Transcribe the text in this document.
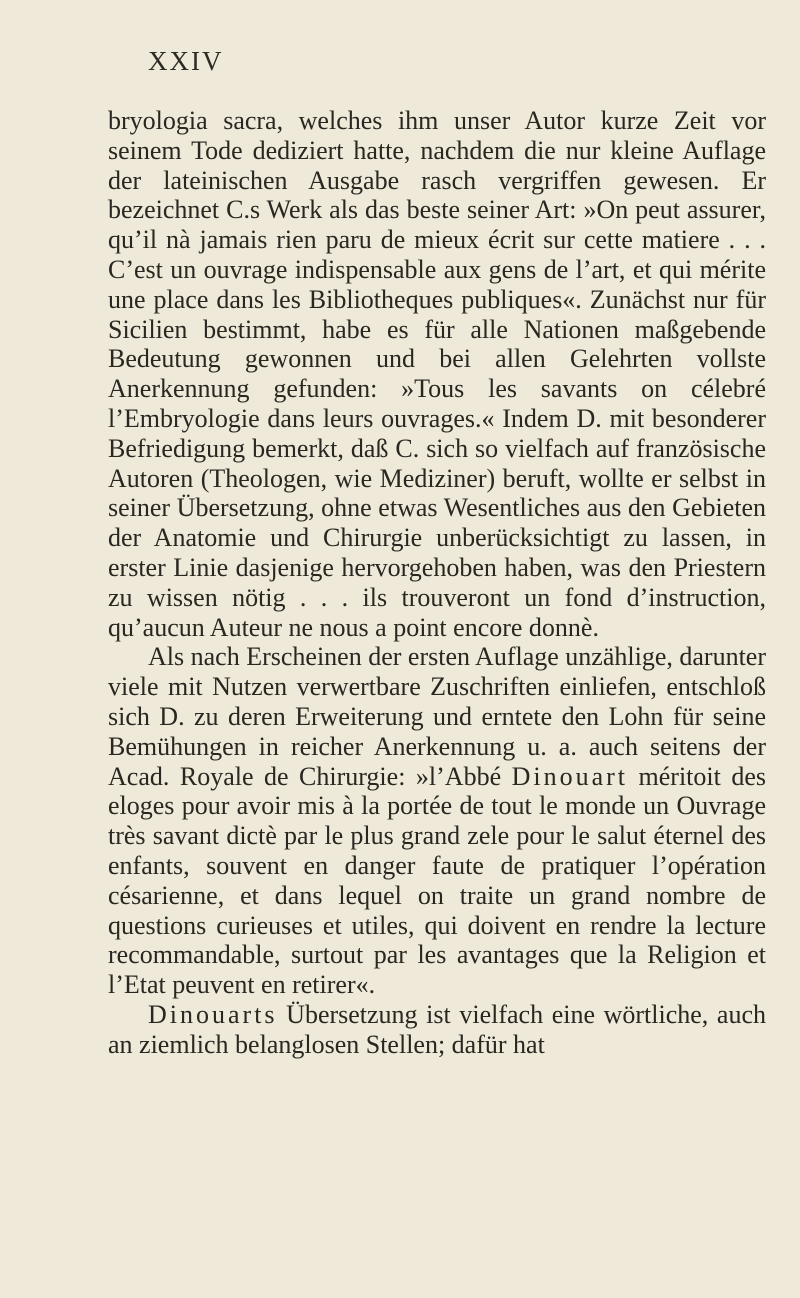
XXIV

bryologia sacra, welches ihm unser Autor kurze Zeit vor seinem Tode dediziert hatte, nachdem die nur kleine Auflage der lateinischen Ausgabe rasch vergriffen gewesen. Er bezeichnet C.s Werk als das beste seiner Art: »On peut assurer, qu’il nà jamais rien paru de mieux écrit sur cette matiere . . . C’est un ouvrage indispensable aux gens de l’art, et qui mérite une place dans les Bibliotheques publiques«. Zunächst nur für Sicilien bestimmt, habe es für alle Nationen maßgebende Bedeutung gewonnen und bei allen Gelehrten vollste Anerkennung gefunden: »Tous les savants on célebré l’Embryologie dans leurs ouvrages.« Indem D. mit besonderer Befriedigung bemerkt, daß C. sich so vielfach auf französische Autoren (Theologen, wie Mediziner) beruft, wollte er selbst in seiner Übersetzung, ohne etwas Wesentliches aus den Gebieten der Anatomie und Chirurgie unberücksichtigt zu lassen, in erster Linie dasjenige hervorgehoben haben, was den Priestern zu wissen nötig . . . ils trouveront un fond d’instruction, qu’aucun Auteur ne nous a point encore donnè.

Als nach Erscheinen der ersten Auflage unzählige, darunter viele mit Nutzen verwertbare Zuschriften einliefen, entschloß sich D. zu deren Erweiterung und erntete den Lohn für seine Bemühungen in reicher Anerkennung u. a. auch seitens der Acad. Royale de Chirurgie: »l’Abbé Dinouart méritoit des eloges pour avoir mis à la portée de tout le monde un Ouvrage très savant dictè par le plus grand zele pour le salut éternel des enfants, souvent en danger faute de pratiquer l’opération césarienne, et dans lequel on traite un grand nombre de questions curieuses et utiles, qui doivent en rendre la lecture recommandable, surtout par les avantages que la Religion et l’Etat peuvent en retirer«.

Dinouarts Übersetzung ist vielfach eine wörtliche, auch an ziemlich belanglosen Stellen; dafür hat
